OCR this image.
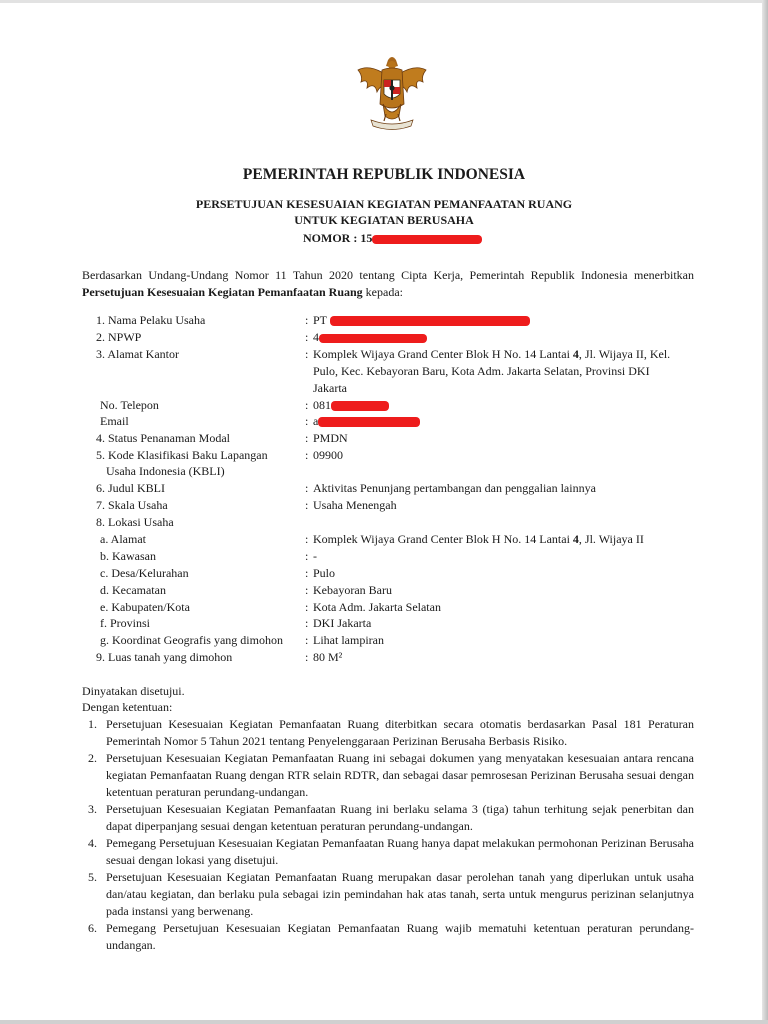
PEMERINTAH REPUBLIK INDONESIA
PERSETUJUAN KESESUAIAN KEGIATAN PEMANFAATAN RUANG
UNTUK KEGIATAN BERUSAHA
NOMOR : 15
Berdasarkan Undang-Undang Nomor 11 Tahun 2020 tentang Cipta Kerja, Pemerintah Republik Indonesia menerbitkan Persetujuan Kesesuaian Kegiatan Pemanfaatan Ruang kepada:
1. Nama Pelaku Usaha	: PT
2. NPWP	: 4
3. Alamat Kantor	: Komplek Wijaya Grand Center Blok H No. 14 Lantai 4, Jl. Wijaya II, Kel.
Pulo, Kec. Kebayoran Baru, Kota Adm. Jakarta Selatan, Provinsi DKI
Jakarta
No. Telepon	: 081
Email	: a
4. Status Penanaman Modal	: PMDN
5. Kode Klasifikasi Baku Lapangan	: 09900
Usaha Indonesia (KBLI)
6. Judul KBLI	: Aktivitas Penunjang pertambangan dan penggalian lainnya
7. Skala Usaha	: Usaha Menengah
8. Lokasi Usaha
a. Alamat	: Komplek Wijaya Grand Center Blok H No. 14 Lantai 4, Jl. Wijaya II
b. Kawasan	: -
c. Desa/Kelurahan	: Pulo
d. Kecamatan	: Kebayoran Baru
e. Kabupaten/Kota	: Kota Adm. Jakarta Selatan
f. Provinsi	: DKI Jakarta
g. Koordinat Geografis yang dimohon : Lihat lampiran
9. Luas tanah yang dimohon	: 80 M²
Dinyatakan disetujui.
Dengan ketentuan:
1. Persetujuan Kesesuaian Kegiatan Pemanfaatan Ruang diterbitkan secara otomatis berdasarkan Pasal 181 Peraturan Pemerintah Nomor 5 Tahun 2021 tentang Penyelenggaraan Perizinan Berusaha Berbasis Risiko.
2. Persetujuan Kesesuaian Kegiatan Pemanfaatan Ruang ini sebagai dokumen yang menyatakan kesesuaian antara rencana kegiatan Pemanfaatan Ruang dengan RTR selain RDTR, dan sebagai dasar pemrosesan Perizinan Berusaha sesuai dengan ketentuan peraturan perundang-undangan.
3. Persetujuan Kesesuaian Kegiatan Pemanfaatan Ruang ini berlaku selama 3 (tiga) tahun terhitung sejak penerbitan dan dapat diperpanjang sesuai dengan ketentuan peraturan perundang-undangan.
4. Pemegang Persetujuan Kesesuaian Kegiatan Pemanfaatan Ruang hanya dapat melakukan permohonan Perizinan Berusaha sesuai dengan lokasi yang disetujui.
5. Persetujuan Kesesuaian Kegiatan Pemanfaatan Ruang merupakan dasar perolehan tanah yang diperlukan untuk usaha dan/atau kegiatan, dan berlaku pula sebagai izin pemindahan hak atas tanah, serta untuk mengurus perizinan selanjutnya pada instansi yang berwenang.
6. Pemegang Persetujuan Kesesuaian Kegiatan Pemanfaatan Ruang wajib mematuhi ketentuan peraturan perundang-undangan.
